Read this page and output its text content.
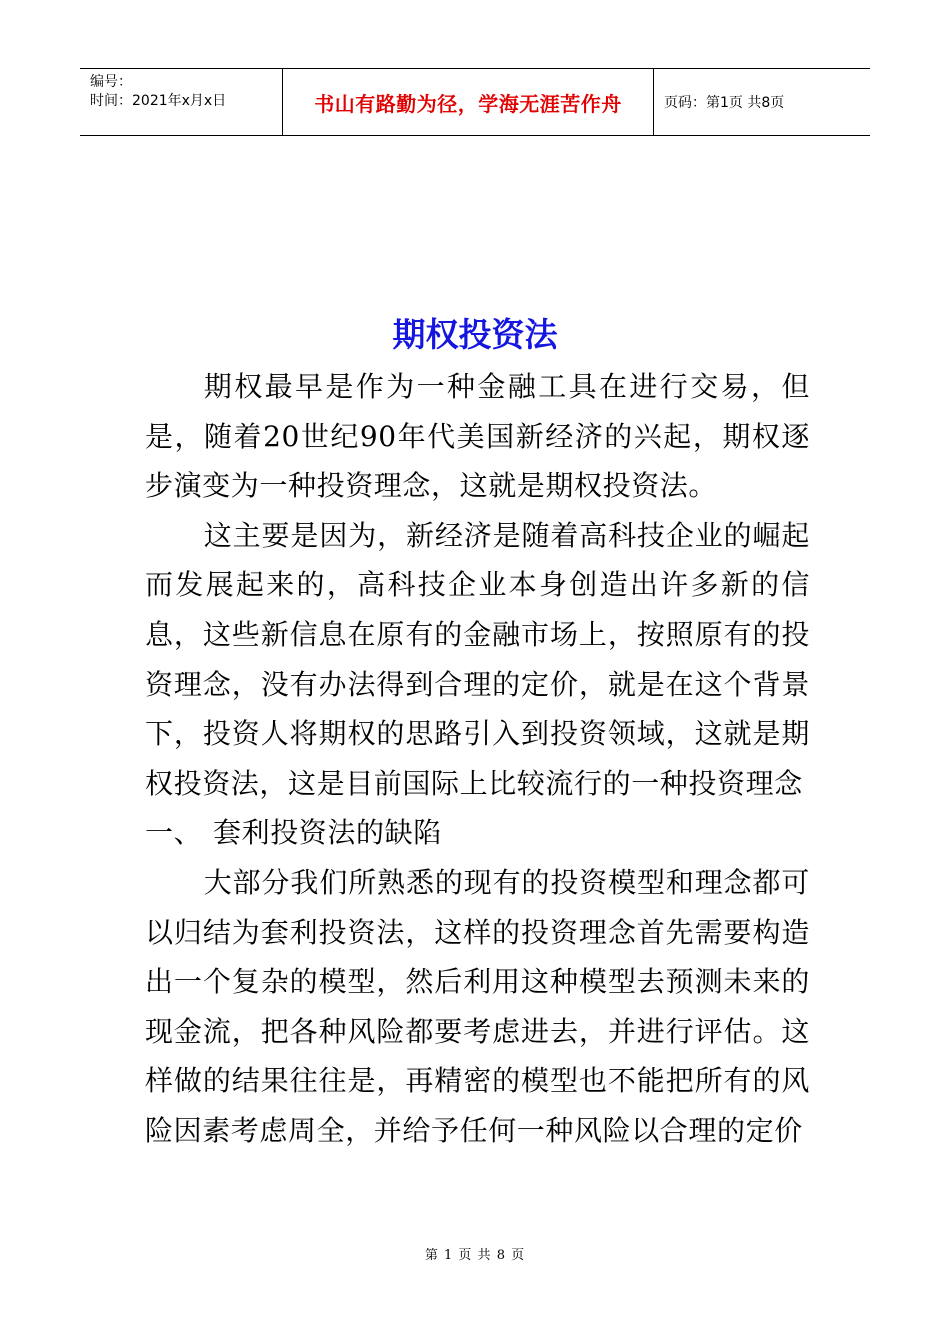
编号：
时间：2021年x月x日	书山有路勤为径，学海无涯苦作舟	页码：第1页 共8页
期权投资法

期权最早是作为一种金融工具在进行交易，但是，随着20世纪90年代美国新经济的兴起，期权逐步演变为一种投资理念，这就是期权投资法。

这主要是因为，新经济是随着高科技企业的崛起而发展起来的，高科技企业本身创造出许多新的信息，这些新信息在原有的金融市场上，按照原有的投资理念，没有办法得到合理的定价，就是在这个背景下，投资人将期权的思路引入到投资领域，这就是期权投资法，这是目前国际上比较流行的一种投资理念

一、 套利投资法的缺陷

大部分我们所熟悉的现有的投资模型和理念都可以归结为套利投资法，这样的投资理念首先需要构造出一个复杂的模型，然后利用这种模型去预测未来的现金流，把各种风险都要考虑进去，并进行评估。这样做的结果往往是，再精密的模型也不能把所有的风险因素考虑周全，并给予任何一种风险以合理的定价

第 1 页 共 8 页
